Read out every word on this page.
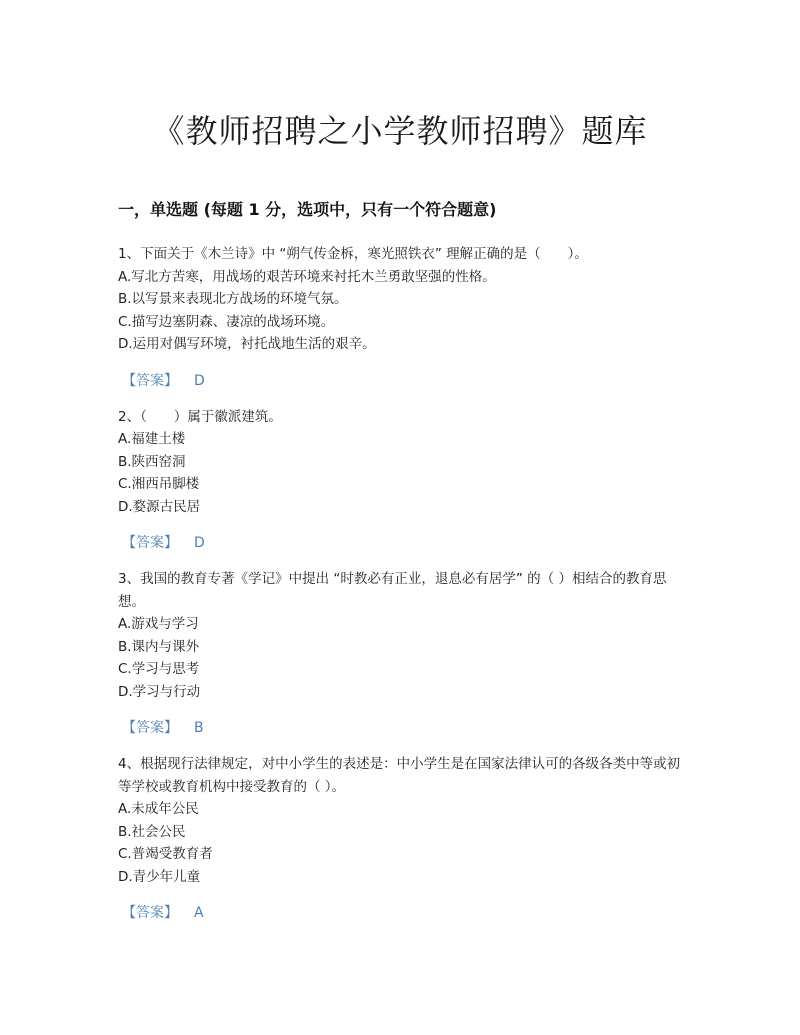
《教师招聘之小学教师招聘》题库
一，单选题 (每题 1 分，选项中，只有一个符合题意)

1、下面关于《木兰诗》中 “朔气传金柝，寒光照铁衣” 理解正确的是（　　）。

A.写北方苦寒，用战场的艰苦环境来衬托木兰勇敢坚强的性格。

B.以写景来表现北方战场的环境气氛。

C.描写边塞阴森、凄凉的战场环境。

D.运用对偶写环境，衬托战地生活的艰辛。

【答案】 D

2、（　　）属于徽派建筑。

A.福建土楼

B.陕西窑洞

C.湘西吊脚楼

D.婺源古民居

【答案】 D

3、我国的教育专著《学记》中提出 “时教必有正业，退息必有居学” 的（ ）相结合的教育思想。

A.游戏与学习

B.课内与课外

C.学习与思考

D.学习与行动

【答案】 B

4、根据现行法律规定，对中小学生的表述是：中小学生是在国家法律认可的各级各类中等或初等学校或教育机构中接受教育的（ ）。

A.未成年公民

B.社会公民

C.普竭受教育者

D.青少年儿童

【答案】 A
